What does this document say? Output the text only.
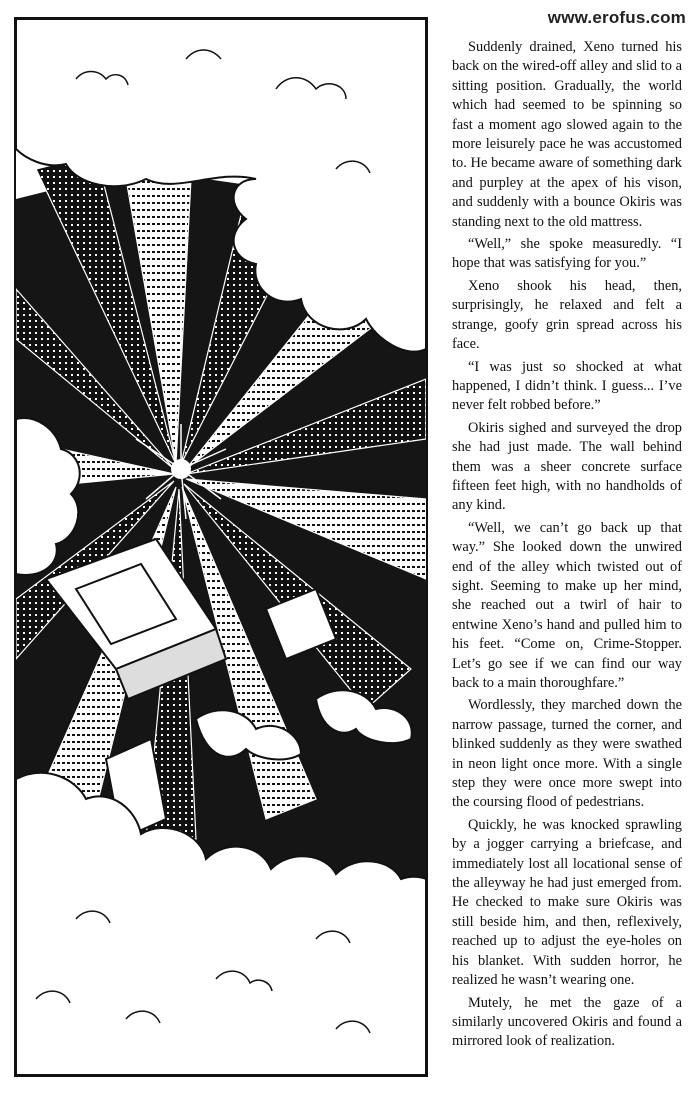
www.erofus.com

Suddenly drained, Xeno turned his back on the wired-off alley and slid to a sitting position. Gradually, the world which had seemed to be spinning so fast a moment ago slowed again to the more leisurely pace he was accustomed to. He became aware of something dark and purpley at the apex of his vison, and suddenly with a bounce Okiris was standing next to the old mattress.

“Well,” she spoke measuredly. “I hope that was satisfying for you.”

Xeno shook his head, then, surprisingly, he relaxed and felt a strange, goofy grin spread across his face.

“I was just so shocked at what happened, I didn’t think. I guess... I’ve never felt robbed before.”

Okiris sighed and surveyed the drop she had just made. The wall behind them was a sheer concrete surface fifteen feet high, with no handholds of any kind.

“Well, we can’t go back up that way.” She looked down the unwired end of the alley which twisted out of sight. Seeming to make up her mind, she reached out a twirl of hair to entwine Xeno’s hand and pulled him to his feet. “Come on, Crime-Stopper. Let’s go see if we can find our way back to a main thoroughfare.”

Wordlessly, they marched down the narrow passage, turned the corner, and blinked suddenly as they were swathed in neon light once more. With a single step they were once more swept into the coursing flood of pedestrians.

Quickly, he was knocked sprawling by a jogger carrying a briefcase, and immediately lost all locational sense of the alleyway he had just emerged from. He checked to make sure Okiris was still beside him, and then, reflexively, reached up to adjust the eye-holes on his blanket. With sudden horror, he realized he wasn’t wearing one.

Mutely, he met the gaze of a similarly uncovered Okiris and found a mirrored look of realization.
